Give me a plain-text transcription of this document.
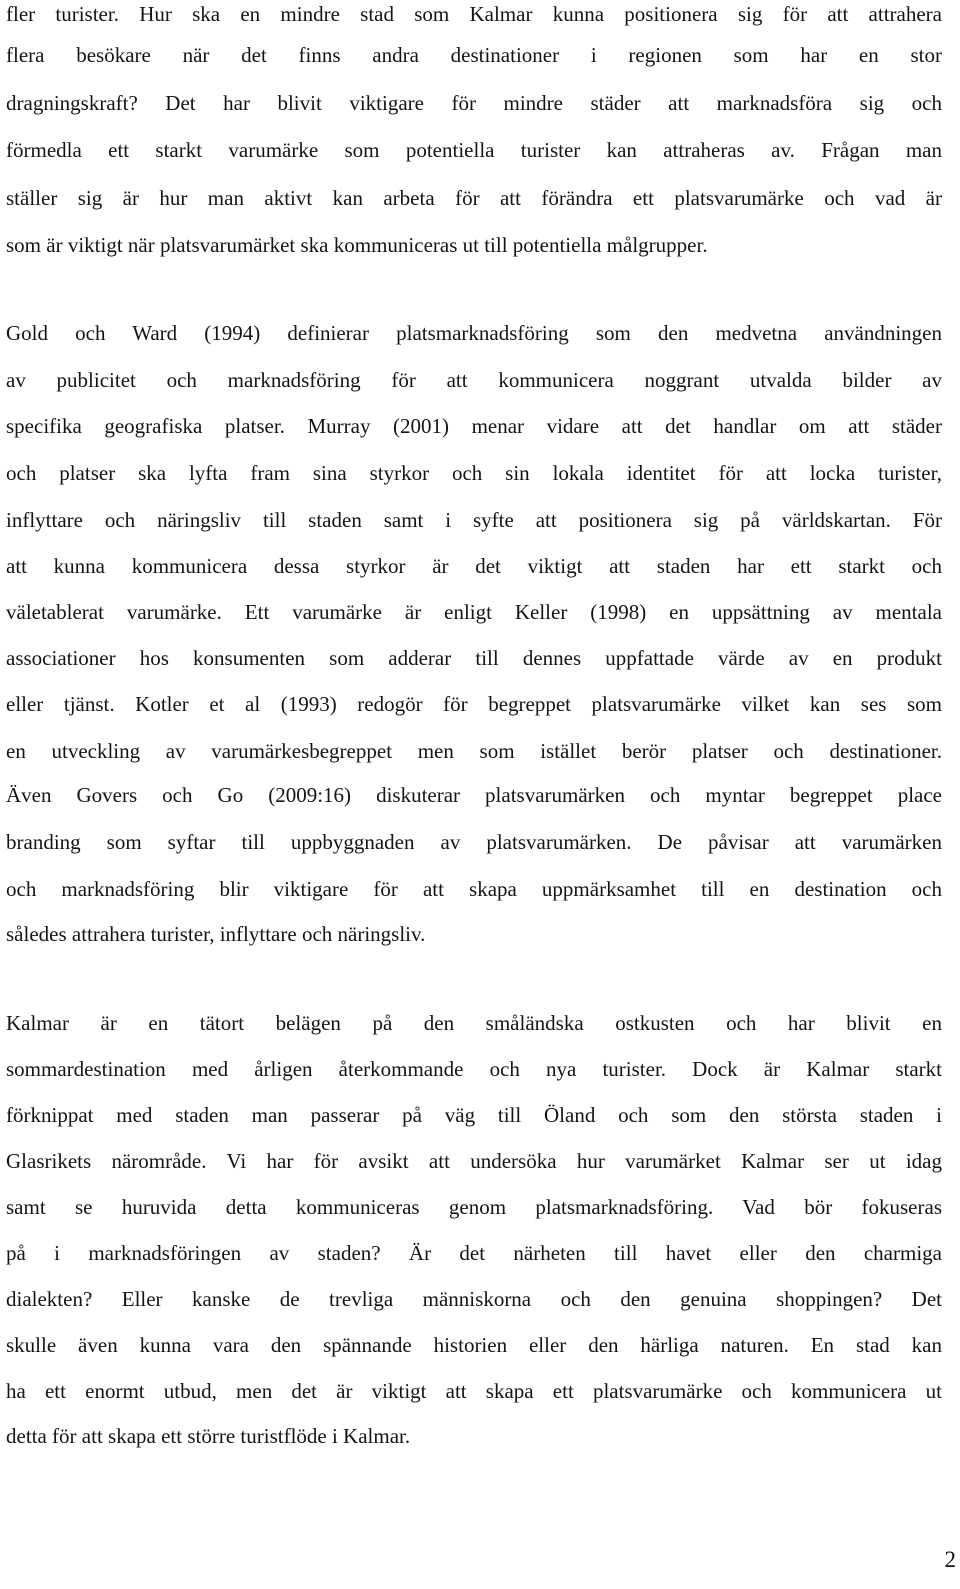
fler turister. Hur ska en mindre stad som Kalmar kunna positionera sig för att attrahera

flera besökare när det finns andra destinationer i regionen som har en stor

dragningskraft? Det har blivit viktigare för mindre städer att marknadsföra sig och

förmedla ett starkt varumärke som potentiella turister kan attraheras av. Frågan man

ställer sig är hur man aktivt kan arbeta för att förändra ett platsvarumärke och vad är

som är viktigt när platsvarumärket ska kommuniceras ut till potentiella målgrupper.

Gold och Ward (1994) definierar platsmarknadsföring som den medvetna användningen

av publicitet och marknadsföring för att kommunicera noggrant utvalda bilder av

specifika geografiska platser. Murray (2001) menar vidare att det handlar om att städer

och platser ska lyfta fram sina styrkor och sin lokala identitet för att locka turister,

inflyttare och näringsliv till staden samt i syfte att positionera sig på världskartan. För

att kunna kommunicera dessa styrkor är det viktigt att staden har ett starkt och

väletablerat varumärke. Ett varumärke är enligt Keller (1998) en uppsättning av mentala

associationer hos konsumenten som adderar till dennes uppfattade värde av en produkt

eller tjänst. Kotler et al (1993) redogör för begreppet platsvarumärke vilket kan ses som

en utveckling av varumärkesbegreppet men som istället berör platser och destinationer.

Även Govers och Go (2009:16) diskuterar platsvarumärken och myntar begreppet place

branding som syftar till uppbyggnaden av platsvarumärken. De påvisar att varumärken

och marknadsföring blir viktigare för att skapa uppmärksamhet till en destination och

således attrahera turister, inflyttare och näringsliv.

Kalmar är en tätort belägen på den småländska ostkusten och har blivit en

sommardestination med årligen återkommande och nya turister. Dock är Kalmar starkt

förknippat med staden man passerar på väg till Öland och som den största staden i

Glasrikets närområde. Vi har för avsikt att undersöka hur varumärket Kalmar ser ut idag

samt se huruvida detta kommuniceras genom platsmarknadsföring. Vad bör fokuseras

på i marknadsföringen av staden? Är det närheten till havet eller den charmiga

dialekten? Eller kanske de trevliga människorna och den genuina shoppingen? Det

skulle även kunna vara den spännande historien eller den härliga naturen. En stad kan

ha ett enormt utbud, men det är viktigt att skapa ett platsvarumärke och kommunicera ut

detta för att skapa ett större turistflöde i Kalmar.

2
